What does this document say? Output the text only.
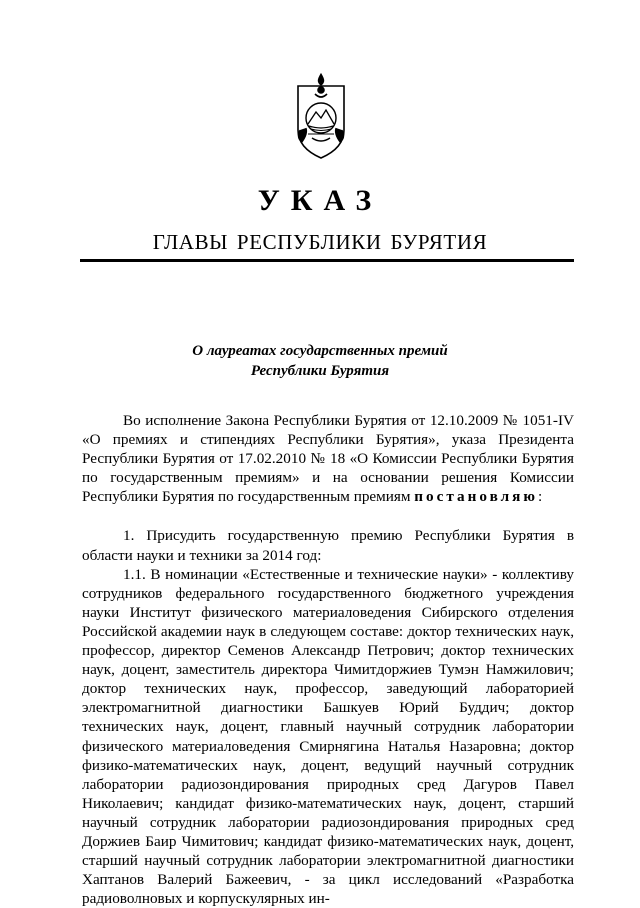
УКАЗ
ГЛАВЫ РЕСПУБЛИКИ БУРЯТИЯ
О лауреатах государственных премий
Республики Бурятия

Во исполнение Закона Республики Бурятия от 12.10.2009 № 1051-IV «О премиях и стипендиях Республики Бурятия», указа Президента Республики Бурятия от 17.02.2010 № 18 «О Комиссии Республики Бурятия по государственным премиям» и на основании решения Комиссии Республики Бурятия по государственным премиям постановляю:

1. Присудить государственную премию Республики Бурятия в области науки и техники за 2014 год:

1.1. В номинации «Естественные и технические науки» - коллективу сотрудников федерального государственного бюджетного учреждения науки Институт физического материаловедения Сибирского отделения Российской академии наук в следующем составе: доктор технических наук, профессор, директор Семенов Александр Петрович; доктор технических наук, доцент, заместитель директора Чимитдоржиев Тумэн Намжилович; доктор технических наук, профессор, заведующий лабораторией электромагнитной диагностики Башкуев Юрий Буддич; доктор технических наук, доцент, главный научный сотрудник лаборатории физического материаловедения Смирнягина Наталья Назаровна; доктор физико-математических наук, доцент, ведущий научный сотрудник лаборатории радиозондирования природных сред Дагуров Павел Николаевич; кандидат физико-математических наук, доцент, старший научный сотрудник лаборатории радиозондирования природных сред Доржиев Баир Чимитович; кандидат физико-математических наук, доцент, старший научный сотрудник лаборатории электромагнитной диагностики Хаптанов Валерий Бажеевич, - за цикл исследований «Разработка радиоволновых и корпускулярных ин-
